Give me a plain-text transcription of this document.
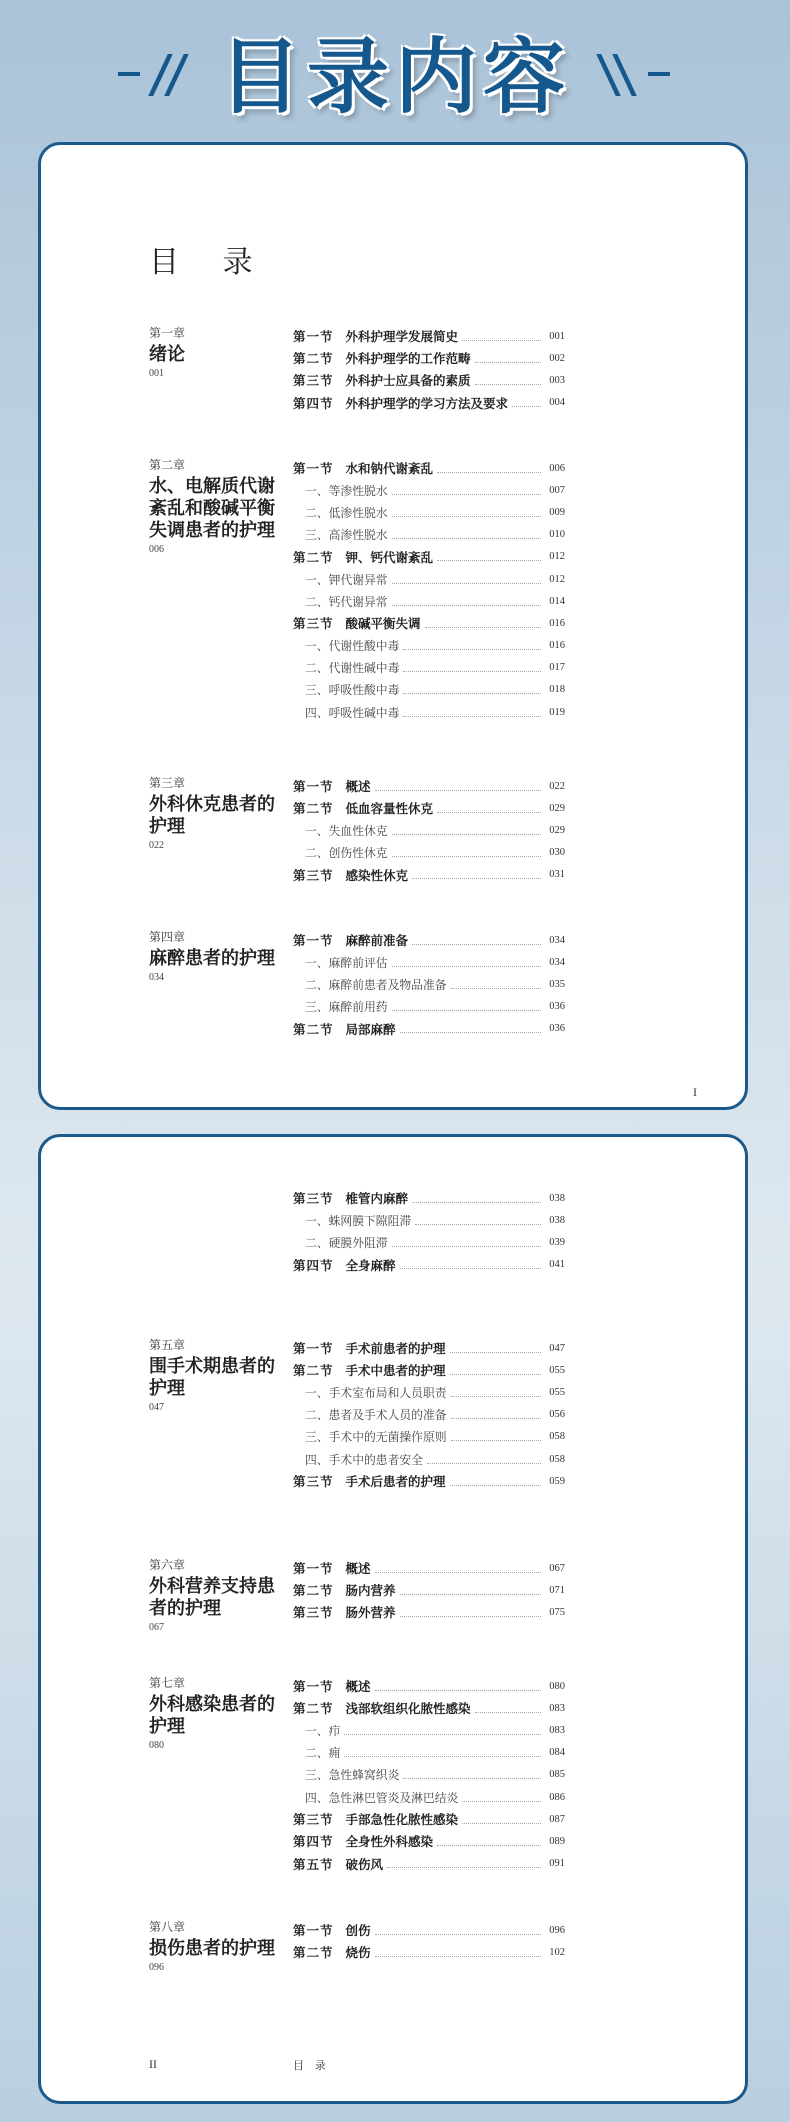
目录内容
目 录
第一章
绪论
001
第一节 外科护理学发展简史	001
第二节 外科护理学的工作范畴	002
第三节 外科护士应具备的素质	003
第四节 外科护理学的学习方法及要求	004
第二章
水、电解质代谢紊乱和酸碱平衡失调患者的护理
006
第一节 水和钠代谢紊乱	006
一、等渗性脱水	007
二、低渗性脱水	009
三、高渗性脱水	010
第二节 钾、钙代谢紊乱	012
一、钾代谢异常	012
二、钙代谢异常	014
第三节 酸碱平衡失调	016
一、代谢性酸中毒	016
二、代谢性碱中毒	017
三、呼吸性酸中毒	018
四、呼吸性碱中毒	019
第三章
外科休克患者的护理
022
第一节 概述	022
第二节 低血容量性休克	029
一、失血性休克	029
二、创伤性休克	030
第三节 感染性休克	031
第四章
麻醉患者的护理
034
第一节 麻醉前准备	034
一、麻醉前评估	034
二、麻醉前患者及物品准备	035
三、麻醉前用药	036
第二节 局部麻醉	036
I
第三节 椎管内麻醉	038
一、蛛网膜下隙阻滞	038
二、硬膜外阻滞	039
第四节 全身麻醉	041
第五章
围手术期患者的护理
047
第一节 手术前患者的护理	047
第二节 手术中患者的护理	055
一、手术室布局和人员职责	055
二、患者及手术人员的准备	056
三、手术中的无菌操作原则	058
四、手术中的患者安全	058
第三节 手术后患者的护理	059
第六章
外科营养支持患者的护理
067
第一节 概述	067
第二节 肠内营养	071
第三节 肠外营养	075
第七章
外科感染患者的护理
080
第一节 概述	080
第二节 浅部软组织化脓性感染	083
一、疖	083
二、痈	084
三、急性蜂窝织炎	085
四、急性淋巴管炎及淋巴结炎	086
第三节 手部急性化脓性感染	087
第四节 全身性外科感染	089
第五节 破伤风	091
第八章
损伤患者的护理
096
第一节 创伤	096
第二节 烧伤	102
II	目 录
